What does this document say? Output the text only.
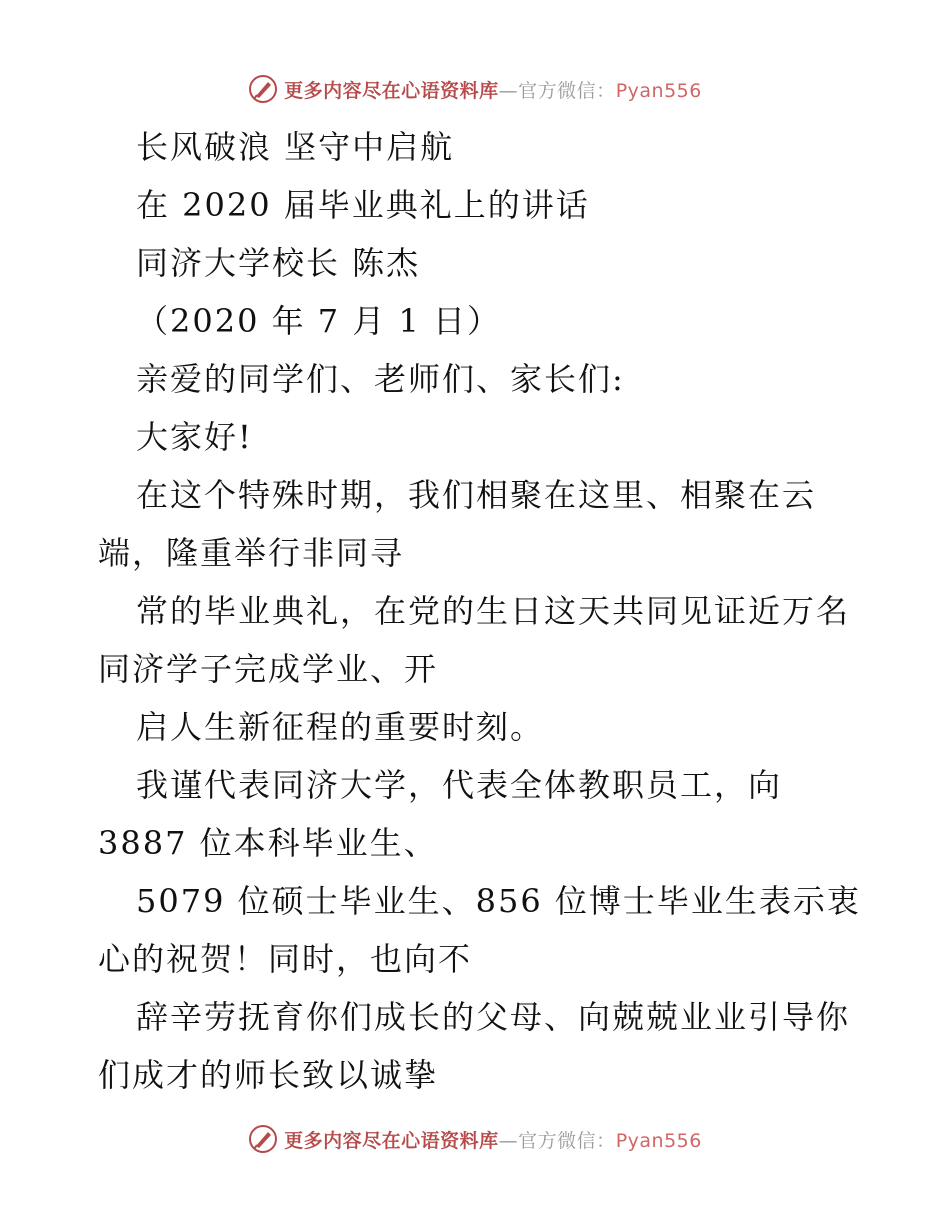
更多内容尽在心语资料库—官方微信：Pyan556
长风破浪 坚守中启航
在 2020 届毕业典礼上的讲话
同济大学校长 陈杰
（2020 年 7 月 1 日）
亲爱的同学们、老师们、家长们:
大家好!
在这个特殊时期，我们相聚在这里、相聚在云
端，隆重举行非同寻
常的毕业典礼，在党的生日这天共同见证近万名
同济学子完成学业、开
启人生新征程的重要时刻。
我谨代表同济大学，代表全体教职员工，向
3887 位本科毕业生、
5079 位硕士毕业生、856 位博士毕业生表示衷
心的祝贺！同时，也向不
辞辛劳抚育你们成长的父母、向兢兢业业引导你
们成才的师长致以诚挚
更多内容尽在心语资料库—官方微信：Pyan556
